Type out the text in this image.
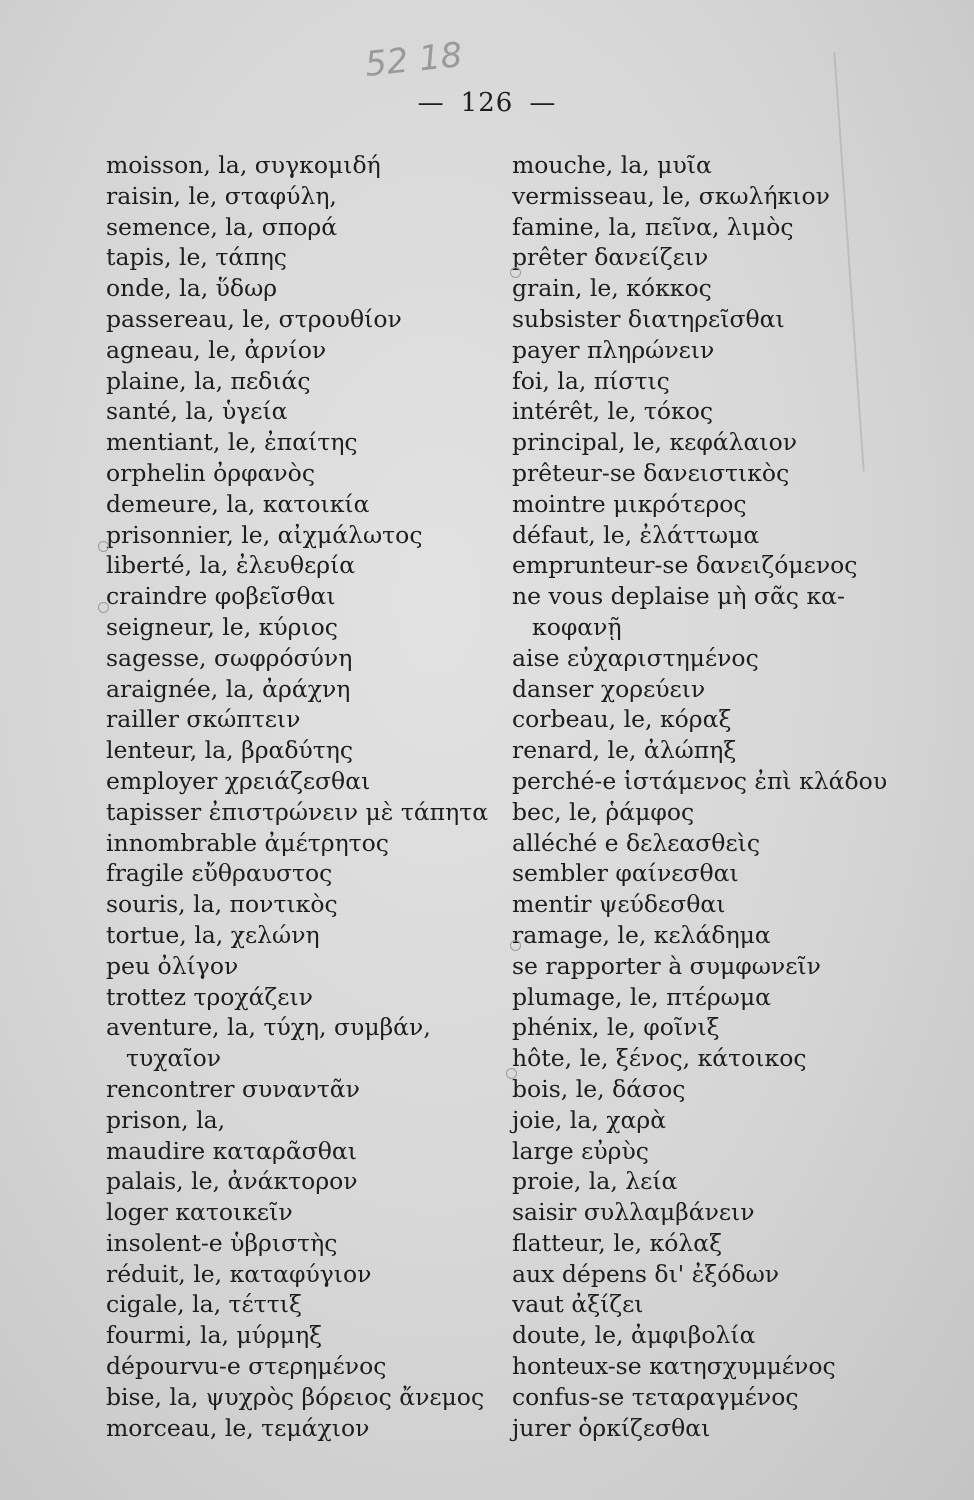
52 18
— 126 —
moisson, la, συγκομιδή
raisin, le, σταφύλη,
semence, la, σπορά
tapis, le, τάπης
onde, la, ὕδωρ
passereau, le, στρουθίον
agneau, le, ἀρνίον
plaine, la, πεδιάς
santé, la, ὑγεία
mentiant, le, ἐπαίτης
orphelin ὀρφανὸς
demeure, la, κατοικία
prisonnier, le, αἰχμάλωτος
liberté, la, ἐλευθερία
craindre φοβεῖσθαι
seigneur, le, κύριος
sagesse, σωφρόσύνη
araignée, la, ἀράχνη
railler σκώπτειν
lenteur, la, βραδύτης
employer χρειάζεσθαι
tapisser ἐπιστρώνειν μὲ τάπητα
innombrable ἀμέτρητος
fragile εὔθραυστος
souris, la, ποντικὸς
tortue, la, χελώνη
peu ὀλίγον
trottez τροχάζειν
aventure, la, τύχη, συμβάν,
τυχαῖον
rencontrer συναντᾶν
prison, la,
maudire καταρᾶσθαι
palais, le, ἀνάκτορον
loger κατοικεῖν
insolent-e ὑβριστὴς
réduit, le, καταφύγιον
cigale, la, τέττιξ
fourmi, la, μύρμηξ
dépourvu-e στερημένος
bise, la, ψυχρὸς βόρειος ἄνεμος
morceau, le, τεμάχιον
mouche, la, μυῖα
vermisseau, le, σκωλήκιον
famine, la, πεῖνα, λιμὸς
prêter δανείζειν
grain, le, κόκκος
subsister διατηρεῖσθαι
payer πληρώνειν
foi, la, πίστις
intérêt, le, τόκος
principal, le, κεφάλαιον
prêteur-se δανειστικὸς
mointre μικρότερος
défaut, le, ἐλάττωμα
emprunteur-se δανειζόμενος
ne vous deplaise μὴ σᾶς κα-
κοφανῇ
aise εὐχαριστημένος
danser χορεύειν
corbeau, le, κόραξ
renard, le, ἀλώπηξ
perché-e ἱστάμενος ἐπὶ κλάδου
bec, le, ῥάμφος
alléché e δελεασθεὶς
sembler φαίνεσθαι
mentir ψεύδεσθαι
ramage, le, κελάδημα
se rapporter à συμφωνεῖν
plumage, le, πτέρωμα
phénix, le, φοῖνιξ
hôte, le, ξένος, κάτοικος
bois, le, δάσος
joie, la, χαρὰ
large εὐρὺς
proie, la, λεία
saisir συλλαμβάνειν
flatteur, le, κόλαξ
aux dépens δι' ἐξόδων
vaut ἀξίζει
doute, le, ἀμφιβολία
honteux-se κατησχυμμένος
confus-se τεταραγμένος
jurer ὁρκίζεσθαι
